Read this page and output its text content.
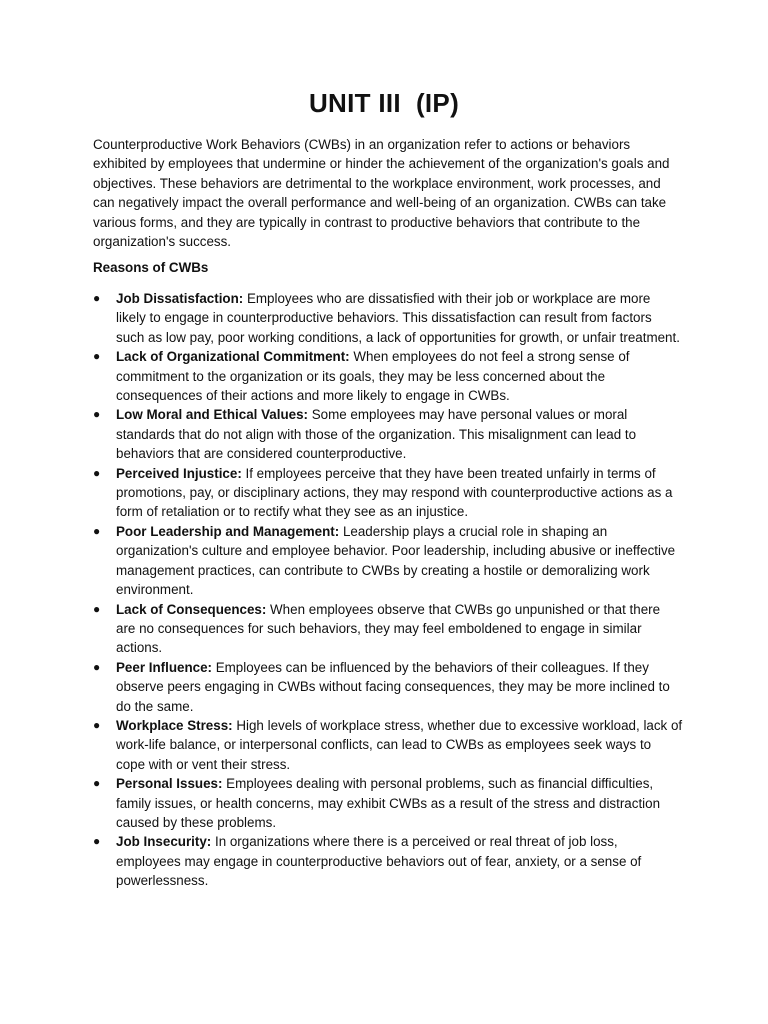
UNIT III  (IP)

Counterproductive Work Behaviors (CWBs) in an organization refer to actions or behaviors exhibited by employees that undermine or hinder the achievement of the organization's goals and objectives. These behaviors are detrimental to the workplace environment, work processes, and can negatively impact the overall performance and well-being of an organization. CWBs can take various forms, and they are typically in contrast to productive behaviors that contribute to the organization's success.

Reasons of CWBs
● Job Dissatisfaction: Employees who are dissatisfied with their job or workplace are more likely to engage in counterproductive behaviors. This dissatisfaction can result from factors such as low pay, poor working conditions, a lack of opportunities for growth, or unfair treatment.
● Lack of Organizational Commitment: When employees do not feel a strong sense of commitment to the organization or its goals, they may be less concerned about the consequences of their actions and more likely to engage in CWBs.
● Low Moral and Ethical Values: Some employees may have personal values or moral standards that do not align with those of the organization. This misalignment can lead to behaviors that are considered counterproductive.
● Perceived Injustice: If employees perceive that they have been treated unfairly in terms of promotions, pay, or disciplinary actions, they may respond with counterproductive actions as a form of retaliation or to rectify what they see as an injustice.
● Poor Leadership and Management: Leadership plays a crucial role in shaping an organization's culture and employee behavior. Poor leadership, including abusive or ineffective management practices, can contribute to CWBs by creating a hostile or demoralizing work environment.
● Lack of Consequences: When employees observe that CWBs go unpunished or that there are no consequences for such behaviors, they may feel emboldened to engage in similar actions.
● Peer Influence: Employees can be influenced by the behaviors of their colleagues. If they observe peers engaging in CWBs without facing consequences, they may be more inclined to do the same.
● Workplace Stress: High levels of workplace stress, whether due to excessive workload, lack of work-life balance, or interpersonal conflicts, can lead to CWBs as employees seek ways to cope with or vent their stress.
● Personal Issues: Employees dealing with personal problems, such as financial difficulties, family issues, or health concerns, may exhibit CWBs as a result of the stress and distraction caused by these problems.
● Job Insecurity: In organizations where there is a perceived or real threat of job loss, employees may engage in counterproductive behaviors out of fear, anxiety, or a sense of powerlessness.
